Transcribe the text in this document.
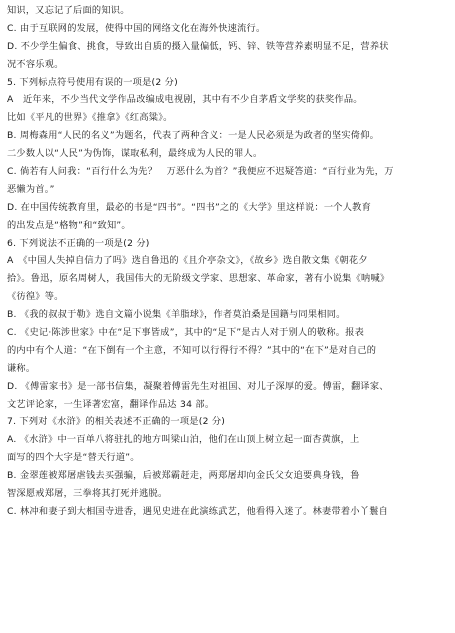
知识，又忘记了后面的知识。
C. 由于互联网的发展，使得中国的网络文化在海外快速流行。
D. 不少学生偏食、挑食，导致出自质的摄入量偏低，钙、锌、铁等营养素明显不足，营养状
况不容乐观。
5. 下列标点符号使用有误的一项是(2 分)
A　近年来，不少当代文学作品改编成电视剧，其中有不少自茅盾文学奖的获奖作品。
比如《平凡的世界》《推拿》《红高粱》。
B. 周梅森用“人民的名义”为题名，代表了两种含义：一是人民必须是为政者的坚实倚仰。
二少数人以“人民”为伪饰，谋取私利，最终成为人民的罪人。
C. 倘若有人问我：“百行什么为先？　万恶什么为首？”我便应不迟疑答道：“百行业为先，万
恶懒为首。”
D. 在中国传统教育里，最必的书是“四书”。“四书”之的《大学》里这样说：一个人教育
的出发点是“格物”和“致知”。
6. 下列说法不正确的一项是(2 分)
A　《中国人失掉自信力了吗》选自鲁迅的《且介亭杂文》，《故乡》选自散文集《朝花夕
拾》。鲁迅，原名周树人，我国伟大的无阶级文学家、思想家、革命家，著有小说集《呐喊》
《彷徨》等。
B. 《我的叔叔于勒》选自文篇小说集《羊脂球》，作者莫泊桑是国籍与同果相同。
C. 《史记·陈涉世家》中在“足下事皆成”，其中的“足下”是古人对于别人的敬称。报表
的内中有个人道：“在下倒有一个主意，不知可以行得行不得？”其中的“在下”是对自己的
谦称。
D. 《傅雷家书》是一部书信集，凝聚着傅雷先生对祖国、对儿子深厚的爱。傅雷，翻译家、
文艺评论家，一生译著宏富，翻译作品达 34 部。
7. 下列对《水浒》的相关表述不正确的一项是(2 分)
A. 《水浒》中一百单八将驻扎的地方叫梁山泊，他们在山顶上树立起一面杏黄旗，上
面写的四个大字是“替天行道”。
B. 金翠莲被郑屠虐钱去买强骗，后被郑霸赶走，两郑屠却向金氏父女追要典身钱，鲁
智深愿戒郑屠，三拳将其打死并逃脱。
C. 林冲和妻子到大相国寺进香，遇见史进在此演练武艺，他看得入迷了。林妻带着小丫鬟自
